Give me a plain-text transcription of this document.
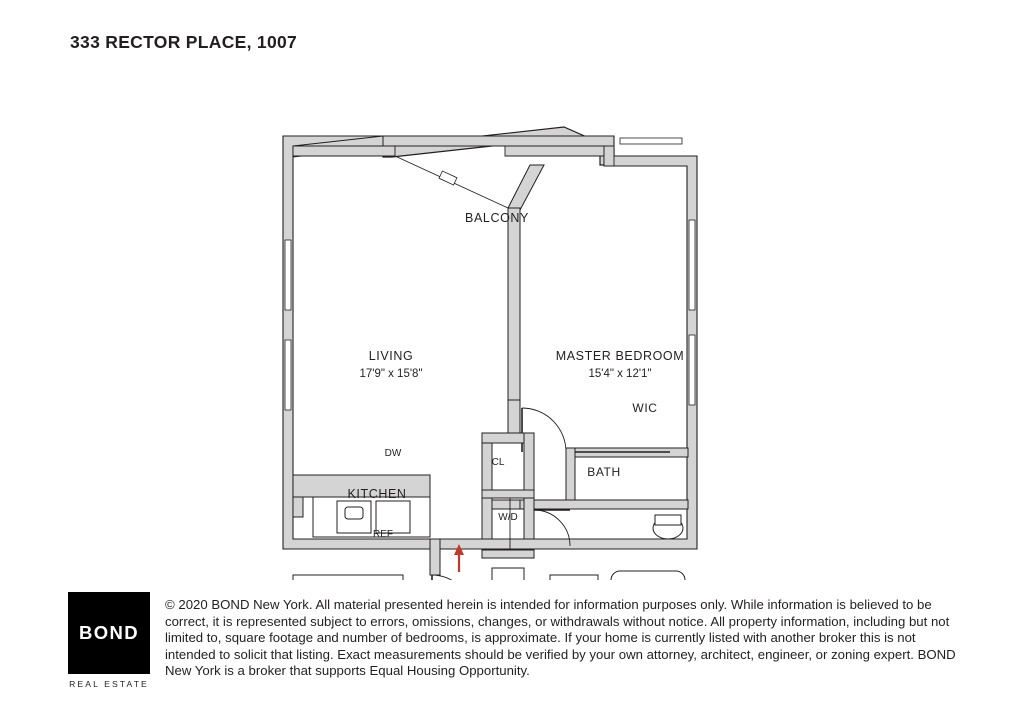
333 RECTOR PLACE, 1007
BALCONY
LIVING
17'9" x 15'8"
MASTER BEDROOM
15'4" x 12'1"
WIC
BATH
KITCHEN
CL
W/D
DW
REF
BOND
REAL ESTATE
© 2020 BOND New York. All material presented herein is intended for information purposes only. While information is believed to be correct, it is represented subject to errors, omissions, changes, or withdrawals without notice. All property information, including but not limited to, square footage and number of bedrooms, is approximate. If your home is currently listed with another broker this is not intended to solicit that listing. Exact measurements should be verified by your own attorney, architect, engineer, or zoning expert. BOND New York is a broker that supports Equal Housing Opportunity.
